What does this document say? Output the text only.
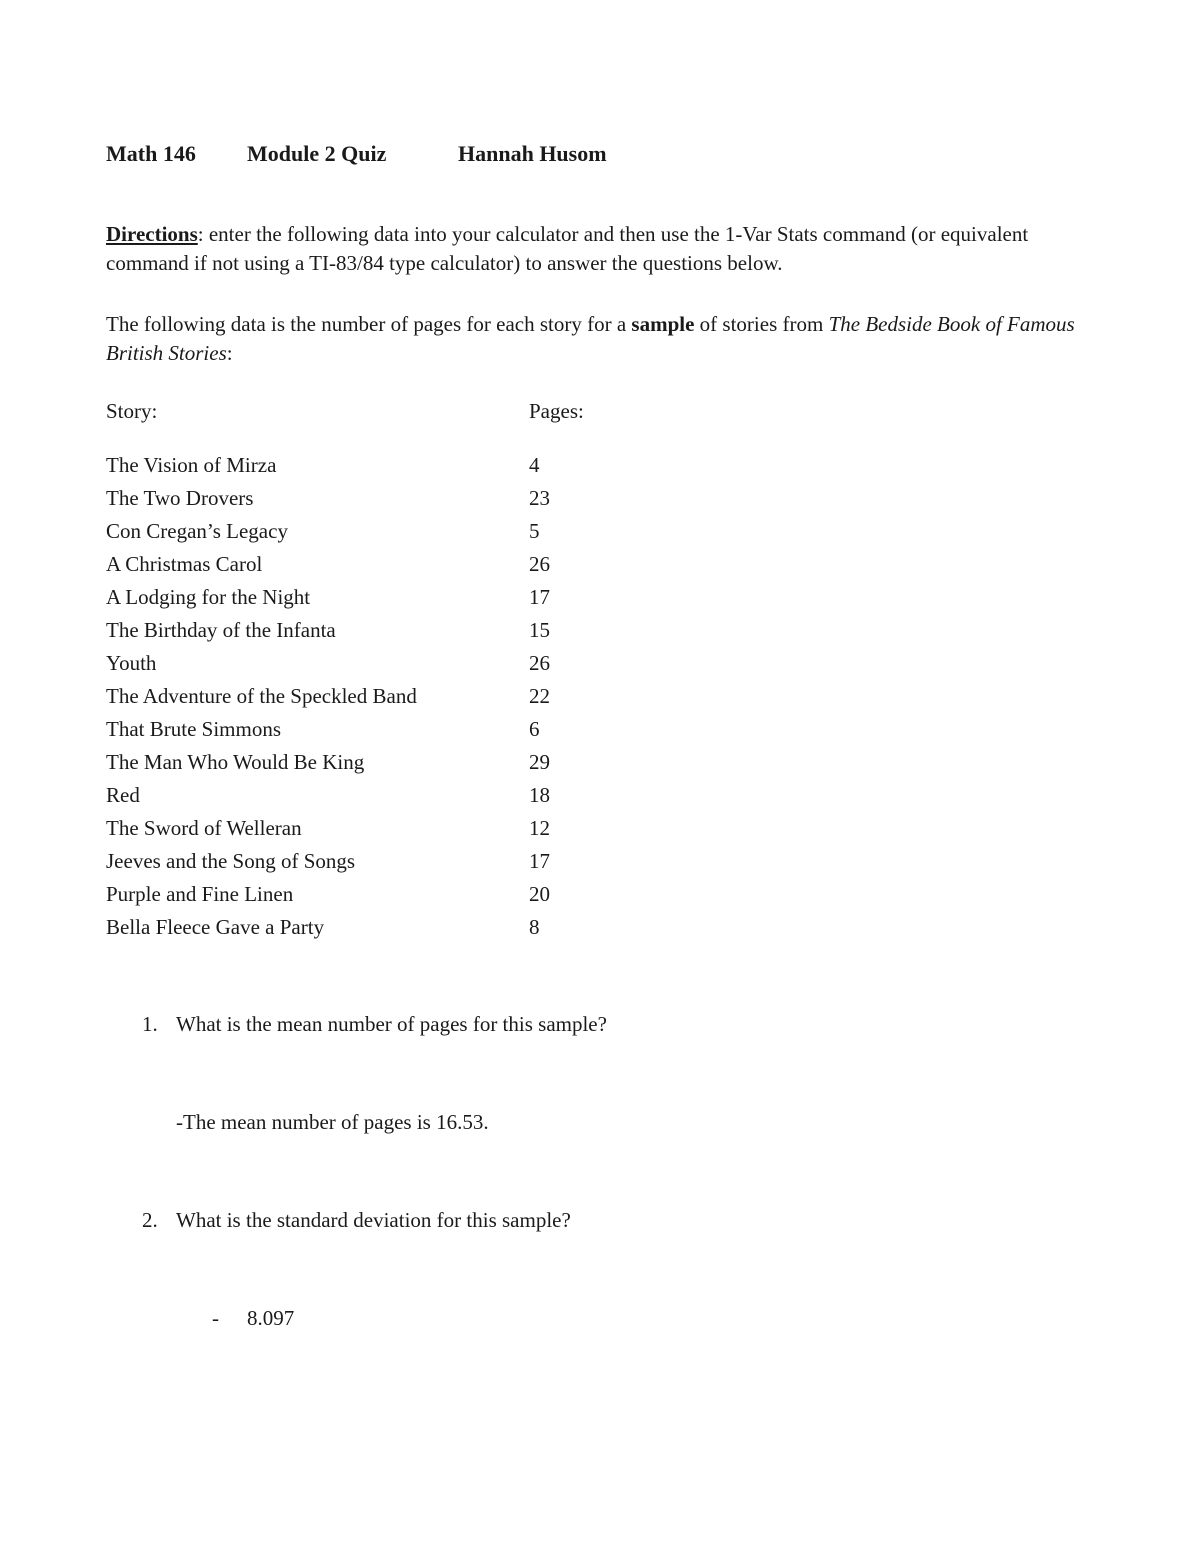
Math 146 Module 2 Quiz	Hannah Husom
Directions: enter the following data into your calculator and then use the 1-Var Stats command (or equivalent command if not using a TI-83/84 type calculator) to answer the questions below.
The following data is the number of pages for each story for a sample of stories from The Bedside Book of Famous British Stories:
Story:	Pages:
The Vision of Mirza	4
The Two Drovers	23
Con Cregan’s Legacy	5
A Christmas Carol	26
A Lodging for the Night	17
The Birthday of the Infanta	15
Youth	26
The Adventure of the Speckled Band	22
That Brute Simmons	6
The Man Who Would Be King	29
Red	18
The Sword of Welleran	12
Jeeves and the Song of Songs	17
Purple and Fine Linen	20
Bella Fleece Gave a Party	8
1. What is the mean number of pages for this sample?
-The mean number of pages is 16.53.
2. What is the standard deviation for this sample?
- 8.097
